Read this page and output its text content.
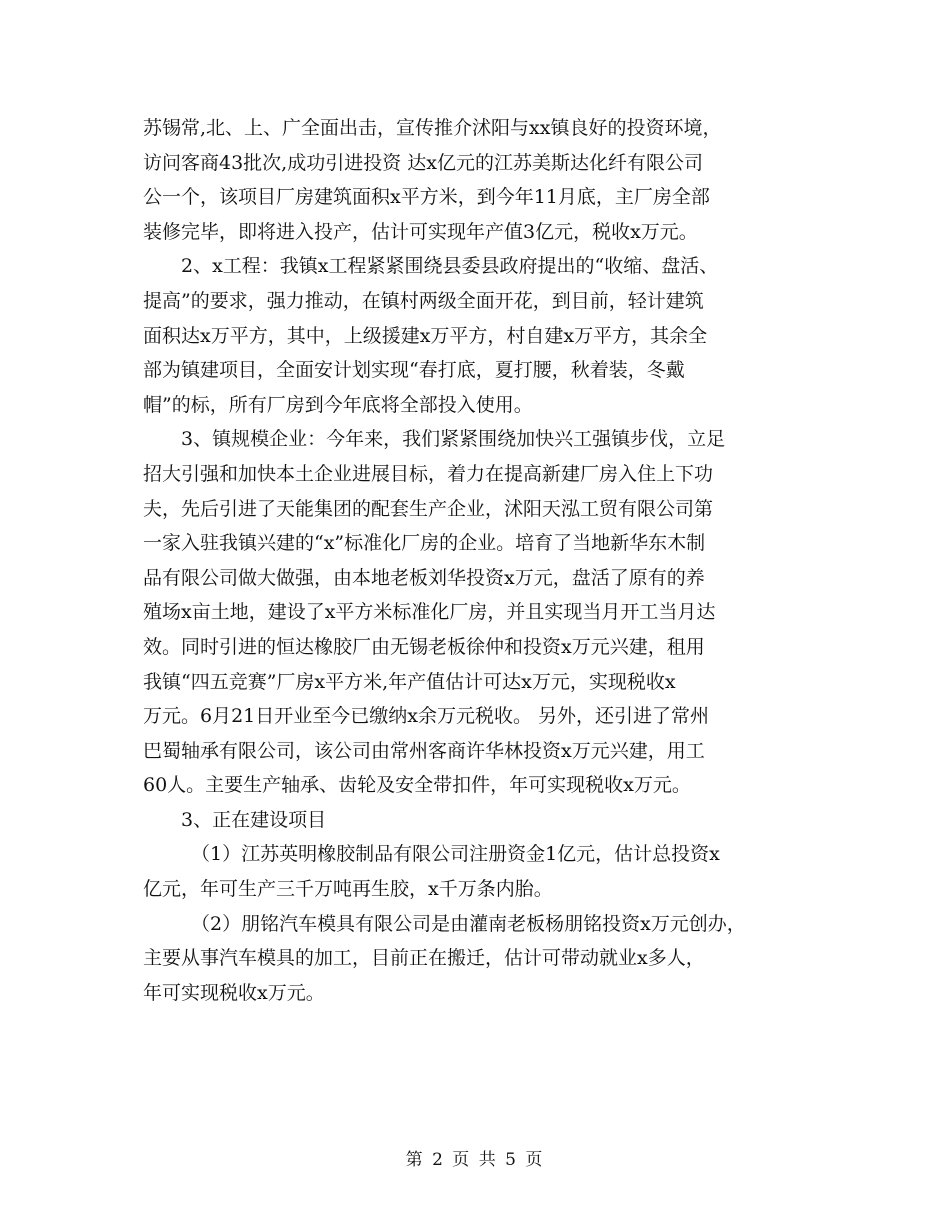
苏锡常,北、上、广全面出击，宣传推介沭阳与xx镇良好的投资环境，
访问客商43批次,成功引进投资 达x亿元的江苏美斯达化纤有限公司
公一个，该项目厂房建筑面积x平方米，到今年11月底，主厂房全部
装修完毕，即将进入投产，估计可实现年产值3亿元，税收x万元。
2、x工程：我镇x工程紧紧围绕县委县政府提出的“收缩、盘活、
提高”的要求，强力推动，在镇村两级全面开花，到目前，轻计建筑
面积达x万平方，其中，上级援建x万平方，村自建x万平方，其余全
部为镇建项目，全面安计划实现“春打底，夏打腰，秋着装，冬戴
帽”的标，所有厂房到今年底将全部投入使用。
3、镇规模企业：今年来，我们紧紧围绕加快兴工强镇步伐，立足
招大引强和加快本土企业进展目标，着力在提高新建厂房入住上下功
夫，先后引进了天能集团的配套生产企业，沭阳天泓工贸有限公司第
一家入驻我镇兴建的“x”标准化厂房的企业。培育了当地新华东木制
品有限公司做大做强，由本地老板刘华投资x万元，盘活了原有的养
殖场x亩土地，建设了x平方米标准化厂房，并且实现当月开工当月达
效。同时引进的恒达橡胶厂由无锡老板徐仲和投资x万元兴建，租用
我镇“四五竞赛”厂房x平方米,年产值估计可达x万元，实现税收x
万元。6月21日开业至今已缴纳x余万元税收。 另外，还引进了常州
巴蜀轴承有限公司，该公司由常州客商许华林投资x万元兴建，用工
60人。主要生产轴承、齿轮及安全带扣件，年可实现税收x万元。
3、正在建设项目
（1）江苏英明橡胶制品有限公司注册资金1亿元，估计总投资x
亿元，年可生产三千万吨再生胶，x千万条内胎。
（2）朋铭汽车模具有限公司是由灌南老板杨朋铭投资x万元创办，
主要从事汽车模具的加工，目前正在搬迁，估计可带动就业x多人，
年可实现税收x万元。
第 2 页 共 5 页
